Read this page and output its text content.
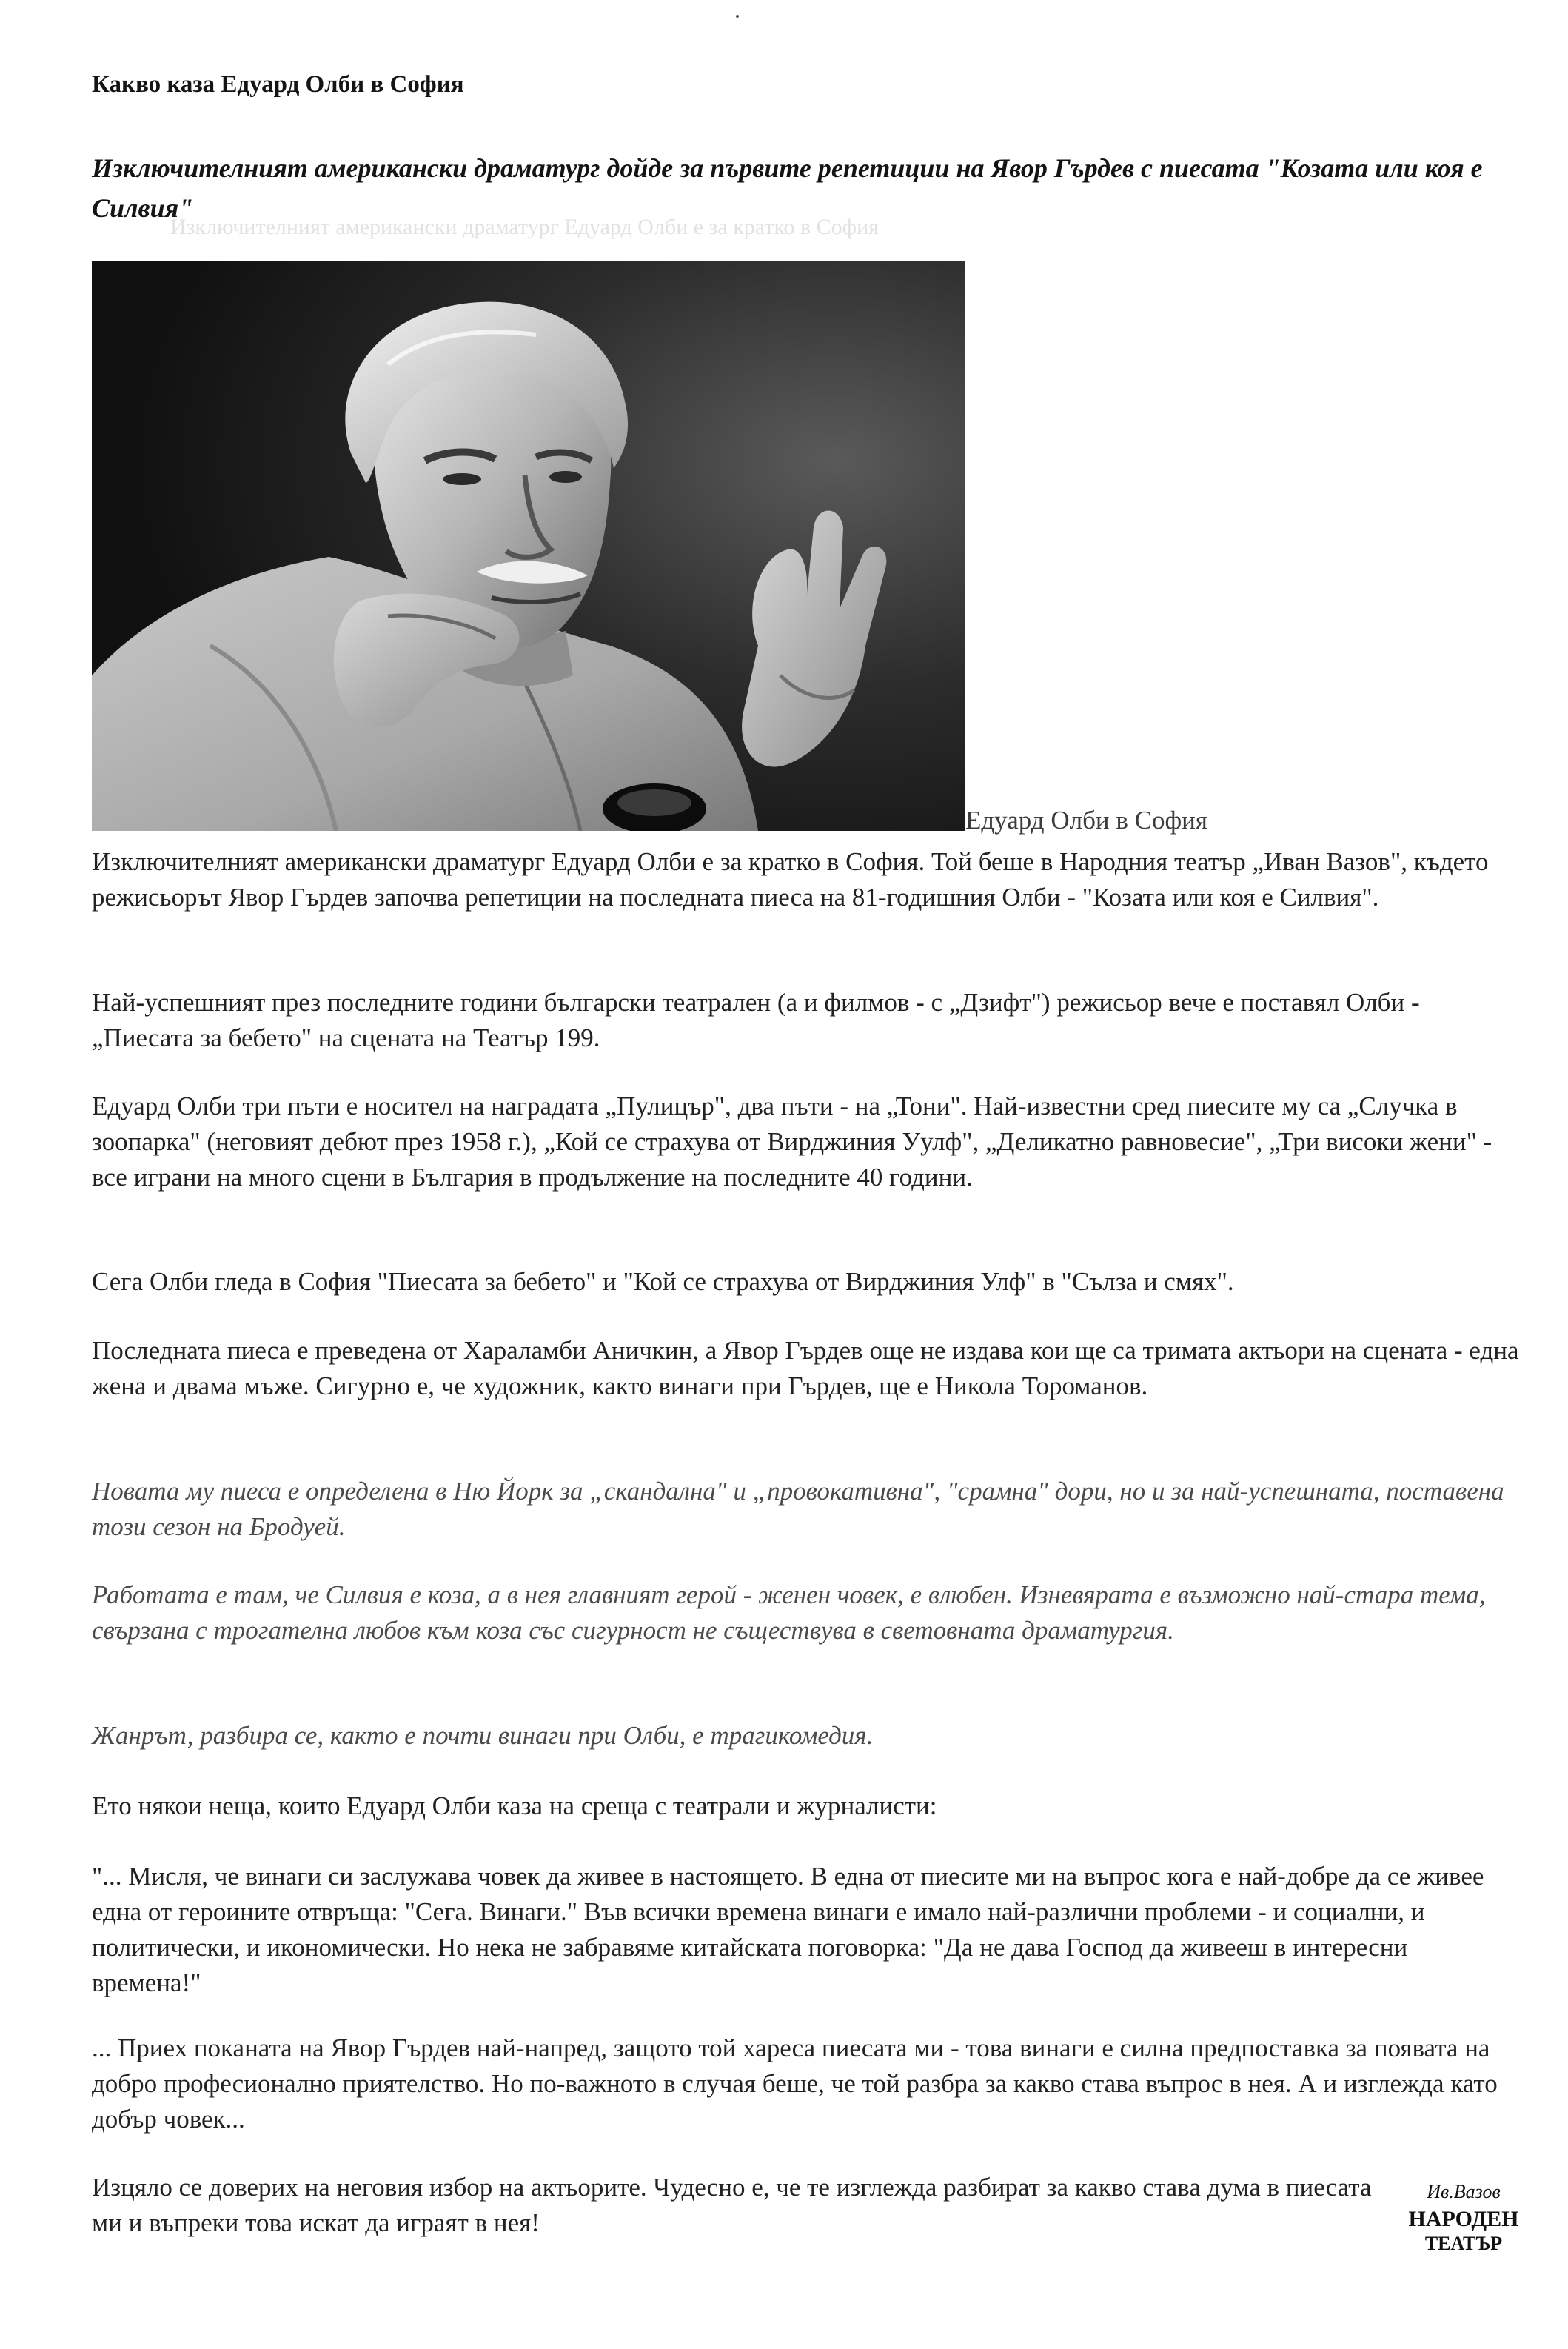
Какво каза Едуард Олби в София

Изключителният американски драматург дойде за първите репетиции на Явор Гърдев с пиесата "Козата или коя е Силвия"

Изключителният американски драматург Едуард Олби е за кратко в София

Едуард Олби в София

Изключителният американски драматург Едуард Олби е за кратко в София. Той беше в Народния театър „Иван Вазов", където режисьорът Явор Гърдев започва репетиции на последната пиеса на 81-годишния Олби - "Козата или коя е Силвия".

Най-успешният през последните години български театрален (а и филмов - с „Дзифт") режисьор вече е поставял Олби - „Пиесата за бебето" на сцената на Театър 199.

Едуард Олби три пъти е носител на наградата „Пулицър", два пъти - на „Тони". Най-известни сред пиесите му са „Случка в зоопарка" (неговият дебют през 1958 г.), „Кой се страхува от Вирджиния Уулф", „Деликатно равновесие", „Три високи жени" - все играни на много сцени в България в продължение на последните 40 години.

Сега Олби гледа в София "Пиесата за бебето" и "Кой се страхува от Вирджиния Улф" в "Сълза и смях".

Последната пиеса е преведена от Хараламби Аничкин, а Явор Гърдев още не издава кои ще са тримата актьори на сцената - една жена и двама мъже. Сигурно е, че художник, както винаги при Гърдев, ще е Никола Тороманов.

Новата му пиеса е определена в Ню Йорк за „скандална" и „провокативна", "срамна" дори, но и за най-успешната, поставена този сезон на Бродуей.

Работата е там, че Силвия е коза, а в нея главният герой - женен човек, е влюбен. Изневярата е възможно най-стара тема, свързана с трогателна любов към коза със сигурност не съществува в световната драматургия.

Жанрът, разбира се, както е почти винаги при Олби, е трагикомедия.

Ето някои неща, които Едуард Олби каза на среща с театрали и журналисти:

"... Мисля, че винаги си заслужава човек да живее в настоящето. В една от пиесите ми на въпрос кога е най-добре да се живее една от героините отвръща: "Сега. Винаги." Във всички времена винаги е имало най-различни проблеми - и социални, и политически, и икономически. Но нека не забравяме китайската поговорка: "Да не дава Господ да живееш в интересни времена!"

... Приех поканата на Явор Гърдев най-напред, защото той хареса пиесата ми - това винаги е силна предпоставка за появата на добро професионално приятелство. Но по-важното в случая беше, че той разбра за какво става въпрос в нея. А и изглежда като добър човек...

Изцяло се доверих на неговия избор на актьорите. Чудесно е, че те изглежда разбират за какво става дума в пиесата ми и въпреки това искат да играят в нея!

Ив.Вазов
НАРОДЕН
ТЕАТЪР
